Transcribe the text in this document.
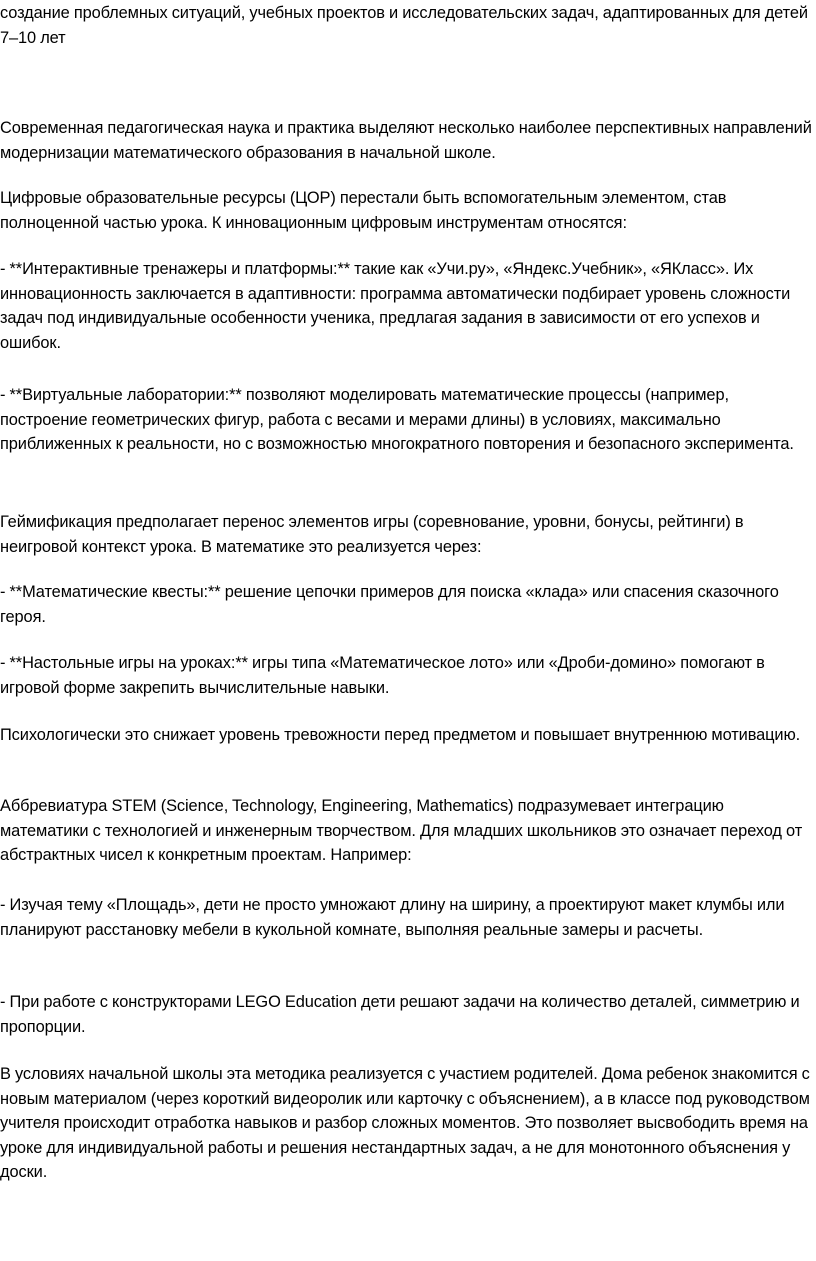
создание проблемных ситуаций, учебных проектов и исследовательских задач, адаптированных для детей 7–10 лет

Современная педагогическая наука и практика выделяют несколько наиболее перспективных направлений модернизации математического образования в начальной школе.

Цифровые образовательные ресурсы (ЦОР) перестали быть вспомогательным элементом, став полноценной частью урока. К инновационным цифровым инструментам относятся:

- **Интерактивные тренажеры и платформы:** такие как «Учи.ру», «Яндекс.Учебник», «ЯКласс». Их инновационность заключается в адаптивности: программа автоматически подбирает уровень сложности задач под индивидуальные особенности ученика, предлагая задания в зависимости от его успехов и ошибок.

- **Виртуальные лаборатории:** позволяют моделировать математические процессы (например, построение геометрических фигур, работа с весами и мерами длины) в условиях, максимально приближенных к реальности, но с возможностью многократного повторения и безопасного эксперимента.

Геймификация предполагает перенос элементов игры (соревнование, уровни, бонусы, рейтинги) в неигровой контекст урока. В математике это реализуется через:

- **Математические квесты:** решение цепочки примеров для поиска «клада» или спасения сказочного героя.

- **Настольные игры на уроках:** игры типа «Математическое лото» или «Дроби-домино» помогают в игровой форме закрепить вычислительные навыки.

Психологически это снижает уровень тревожности перед предметом и повышает внутреннюю мотивацию.

Аббревиатура STEM (Science, Technology, Engineering, Mathematics) подразумевает интеграцию математики с технологией и инженерным творчеством. Для младших школьников это означает переход от абстрактных чисел к конкретным проектам. Например:

- Изучая тему «Площадь», дети не просто умножают длину на ширину, а проектируют макет клумбы или планируют расстановку мебели в кукольной комнате, выполняя реальные замеры и расчеты.

- При работе с конструкторами LEGO Education дети решают задачи на количество деталей, симметрию и пропорции.

В условиях начальной школы эта методика реализуется с участием родителей. Дома ребенок знакомится с новым материалом (через короткий видеоролик или карточку с объяснением), а в классе под руководством учителя происходит отработка навыков и разбор сложных моментов. Это позволяет высвободить время на уроке для индивидуальной работы и решения нестандартных задач, а не для монотонного объяснения у доски.
